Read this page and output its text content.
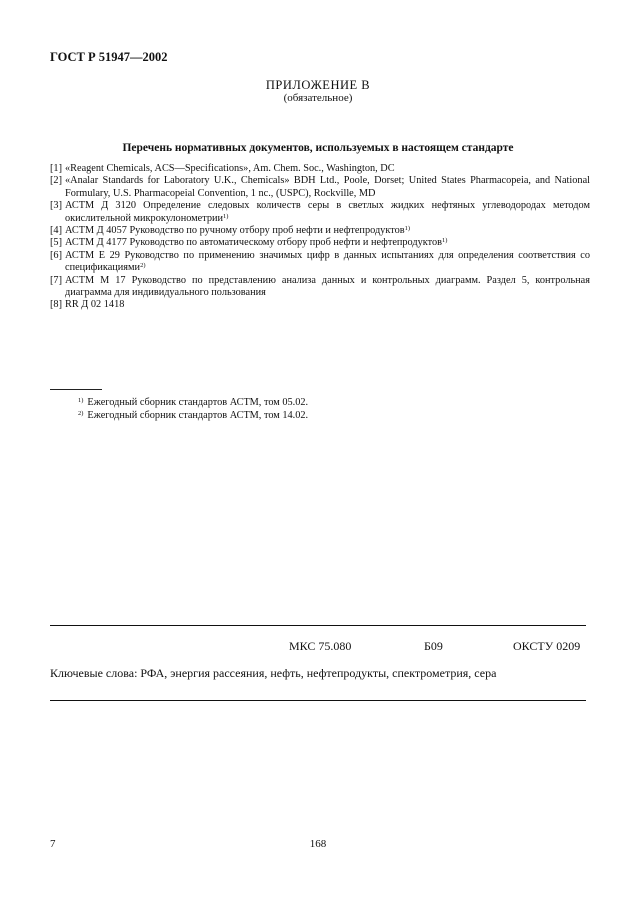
ГОСТ Р 51947—2002
ПРИЛОЖЕНИЕ В
(обязательное)
Перечень нормативных документов, используемых в настоящем стандарте
[1] «Reagent Chemicals, ACS—Specifications», Am. Chem. Soc., Washington, DC
[2] «Analar Standards for Laboratory U.K., Chemicals» BDH Ltd., Poole, Dorset; United States Pharmacopeia, and National Formulary, U.S. Pharmacopeial Convention, 1 nc., (USPC), Rockville, MD
[3] АСТМ Д 3120 Определение следовых количеств серы в светлых жидких нефтяных углеводородах методом окислительной микрокулонометрии$^{1)}$
[4] АСТМ Д 4057 Руководство по ручному отбору проб нефти и нефтепродуктов$^{1)}$
[5] АСТМ Д 4177 Руководство по автоматическому отбору проб нефти и нефтепродуктов$^{1)}$
[6] АСТМ Е 29 Руководство по применению значимых цифр в данных испытаниях для определения соответствия со спецификациями$^{2)}$
[7] АСТМ М 17 Руководство по представлению анализа данных и контрольных диаграмм. Раздел 5, контрольная диаграмма для индивидуального пользования
[8] RR Д 02 1418
$^{1)}$ Ежегодный сборник стандартов АСТМ, том 05.02.
$^{2)}$ Ежегодный сборник стандартов АСТМ, том 14.02.
МКС 75.080	Б09	ОКСТУ 0209
Ключевые слова: РФА, энергия рассеяния, нефть, нефтепродукты, спектрометрия, сера
7	168
